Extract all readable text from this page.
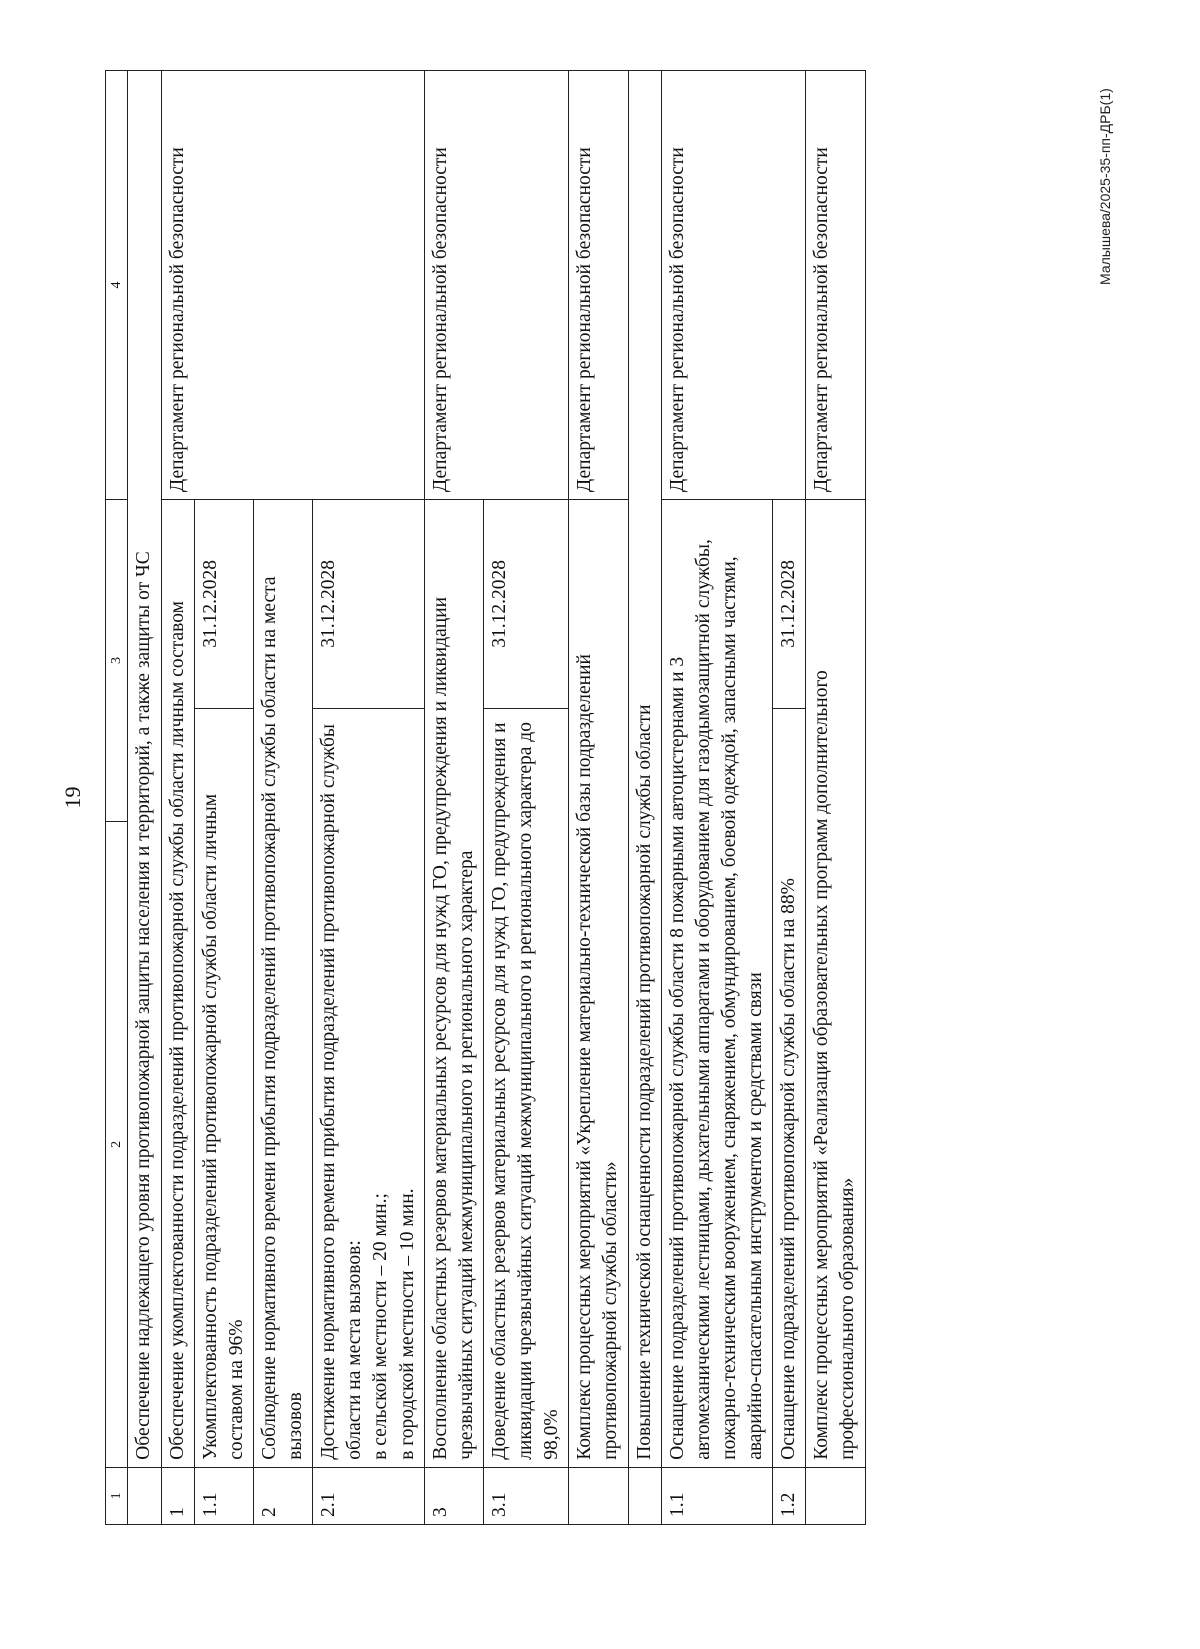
19
1	2	3		4
	Обеспечение надлежащего уровня противопожарной защиты населения и территорий, а также защиты от ЧС			
1	Обеспечение укомплектованности подразделений противопожарной службы области личным составом			Департамент региональной безопасности
1.1	Укомплектованность подразделений противопожарной службы области личным составом на 96%		31.12.2028	
2	Соблюдение нормативного времени прибытия подразделений противопожарной службы области на места вызовов			
2.1	Достижение нормативного времени прибытия подразделений противопожарной службы области на места вызовов: в сельской местности – 20 мин.; в городской местности – 10 мин.		31.12.2028	
3	Восполнение областных резервов материальных ресурсов для нужд ГО, предупреждения и ликвидации чрезвычайных ситуаций межмуниципального и регионального характера			Департамент региональной безопасности
3.1	Доведение областных резервов материальных ресурсов для нужд ГО, предупреждения и ликвидации чрезвычайных ситуаций межмуниципального и регионального характера до 98,0%		31.12.2028	
	Комплекс процессных мероприятий «Укрепление материально-технической базы подразделений противопожарной службы области»			Департамент региональной безопасности
	Повышение технической оснащенности подразделений противопожарной службы области			
1.1	Оснащение подразделений противопожарной службы области 8 пожарными автоцистернами и 3 автомеханическими лестницами, дыхательными аппаратами и оборудованием для газодымозащитной службы, пожарно-техническим вооружением, снаряжением, обмундированием, боевой одеждой, запасными частями, аварийно-спасательным инструментом и средствами связи			Департамент региональной безопасности
1.2	Оснащение подразделений противопожарной службы области на 88%		31.12.2028	
	Комплекс процессных мероприятий «Реализация образовательных программ дополнительного профессионального образования»			Департамент региональной безопасности	Малышева/2025-35-пп-ДРБ(1)
